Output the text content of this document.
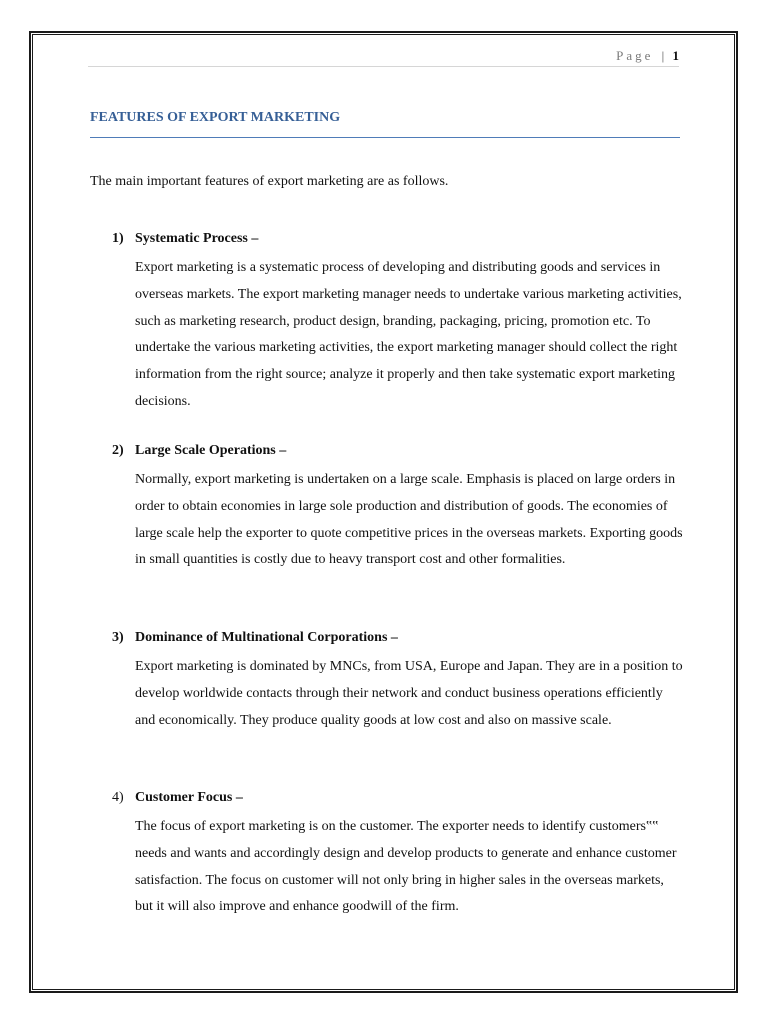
Page | 1
FEATURES OF EXPORT MARKETING
The main important features of export marketing are as follows.
1) Systematic Process –
Export marketing is a systematic process of developing and distributing goods and services in overseas markets. The export marketing manager needs to undertake various marketing activities, such as marketing research, product design, branding, packaging, pricing, promotion etc. To undertake the various marketing activities, the export marketing manager should collect the right information from the right source; analyze it properly and then take systematic export marketing decisions.
2) Large Scale Operations –
Normally, export marketing is undertaken on a large scale. Emphasis is placed on large orders in order to obtain economies in large sole production and distribution of goods. The economies of large scale help the exporter to quote competitive prices in the overseas markets. Exporting goods in small quantities is costly due to heavy transport cost and other formalities.
3) Dominance of Multinational Corporations –
Export marketing is dominated by MNCs, from USA, Europe and Japan. They are in a position to develop worldwide contacts through their network and conduct business operations efficiently and economically. They produce quality goods at low cost and also on massive scale.
4) Customer Focus –
The focus of export marketing is on the customer. The exporter needs to identify customers‟‟ needs and wants and accordingly design and develop products to generate and enhance customer satisfaction. The focus on customer will not only bring in higher sales in the overseas markets, but it will also improve and enhance goodwill of the firm.
